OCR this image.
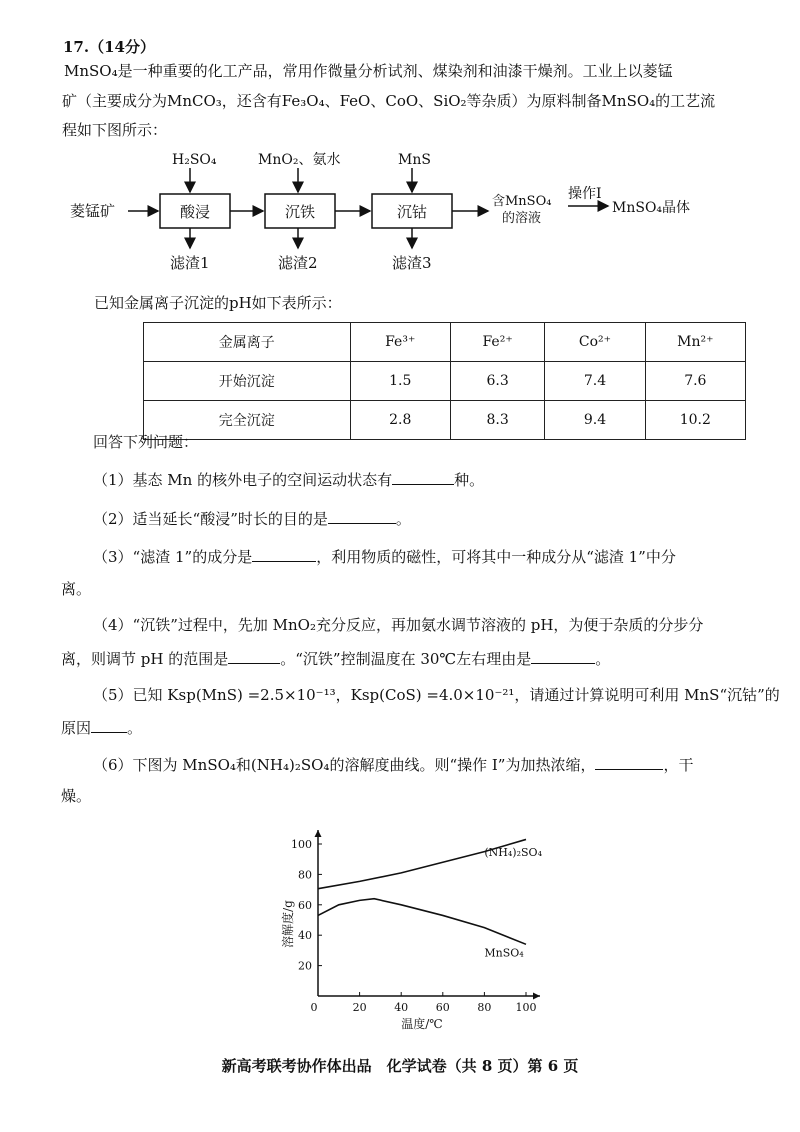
17.（14分）
MnSO₄是一种重要的化工产品，常用作微量分析试剂、煤染剂和油漆干燥剂。工业上以菱锰
矿（主要成分为MnCO₃，还含有Fe₃O₄、FeO、CoO、SiO₂等杂质）为原料制备MnSO₄的工艺流
程如下图所示：
H₂SO₄	MnO₂、氨水	MnS
菱锰矿	酸浸	沉铁	沉钴
含MnSO₄
的溶液
操作I
MnSO₄晶体
滤渣1	滤渣2	滤渣3
已知金属离子沉淀的pH如下表所示：
金属离子	Fe³⁺	Fe²⁺	Co²⁺	Mn²⁺
开始沉淀	1.5	6.3	7.4	7.6
完全沉淀	2.8	8.3	9.4	10.2
回答下列问题：
（1）基态 Mn 的核外电子的空间运动状态有	种。
（2）适当延长“酸浸”时长的目的是	。
（3）“滤渣 1”的成分是	，利用物质的磁性，可将其中一种成分从“滤渣 1”中分
离。
（4）“沉铁”过程中，先加 MnO₂充分反应，再加氨水调节溶液的 pH，为便于杂质的分步分
离，则调节 pH 的范围是	。“沉铁”控制温度在 30℃左右理由是	。
（5）已知 Ksp(MnS) =2.5×10⁻¹³，Ksp(CoS) =4.0×10⁻²¹，请通过计算说明可利用 MnS“沉钴”的
原因 。
（6）下图为 MnSO₄和(NH₄)₂SO₄的溶解度曲线。则“操作 I”为加热浓缩，	，干
燥。
0	20	40	60	80 100
20
40
60
80
100
(NH₄)₂SO₄
MnSO₄
温度/℃
溶解度/g
新高考联考协作体出品　化学试卷（共 8 页）第 6 页
